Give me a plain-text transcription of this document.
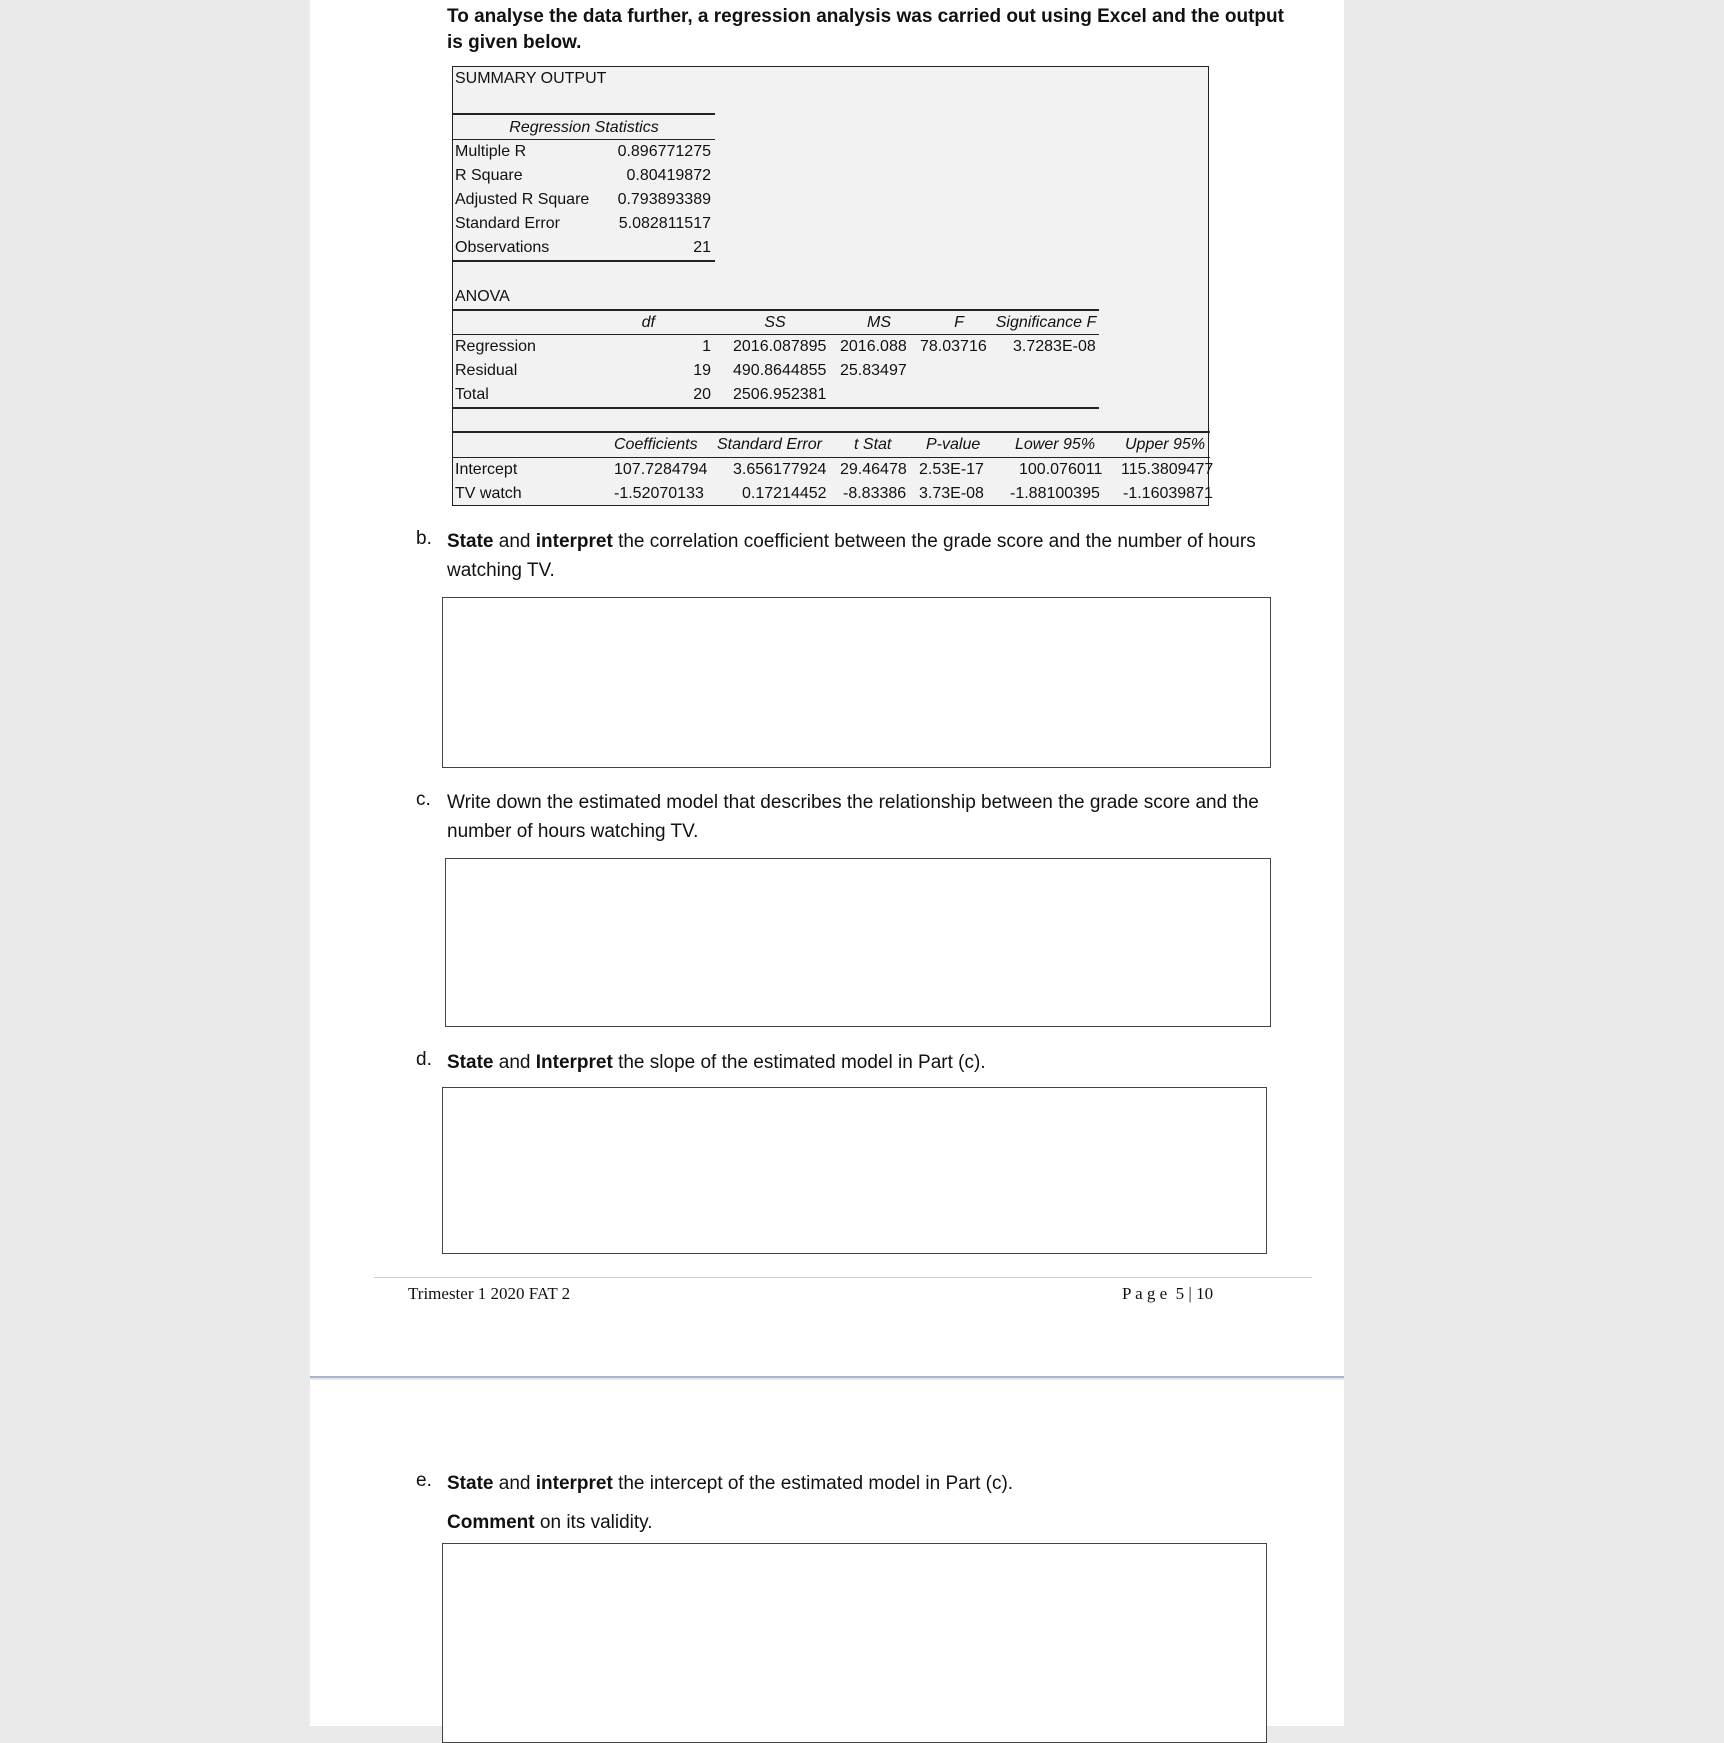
To analyse the data further, a regression analysis was carried out using Excel and the output is given below.
SUMMARY OUTPUT
Regression Statistics
Multiple R	0.896771275
R Square	0.80419872
Adjusted R Square	0.793893389
Standard Error	5.082811517
Observations	21
ANOVA
df	SS	MS	F	Significance F
Regression	1 2016.087895 2016.088 78.03716 3.7283E-08
Residual	19 490.8644855 25.83497
Total	20 2506.952381
Coefficients Standard Error t Stat P-value Lower 95% Upper 95%
Intercept	107.7284794 3.656177924 29.46478 2.53E-17 100.076011 115.3809477
TV watch	-1.52070133 0.17214452 -8.83386 3.73E-08 -1.88100395 -1.16039871
b. State and interpret the correlation coefficient between the grade score and the number of hours watching TV.
c. Write down the estimated model that describes the relationship between the grade score and the number of hours watching TV.
d. State and Interpret the slope of the estimated model in Part (c).
Trimester 1 2020 FAT 2	P a g e  5 | 10
e. State and interpret the intercept of the estimated model in Part (c).
Comment on its validity.
